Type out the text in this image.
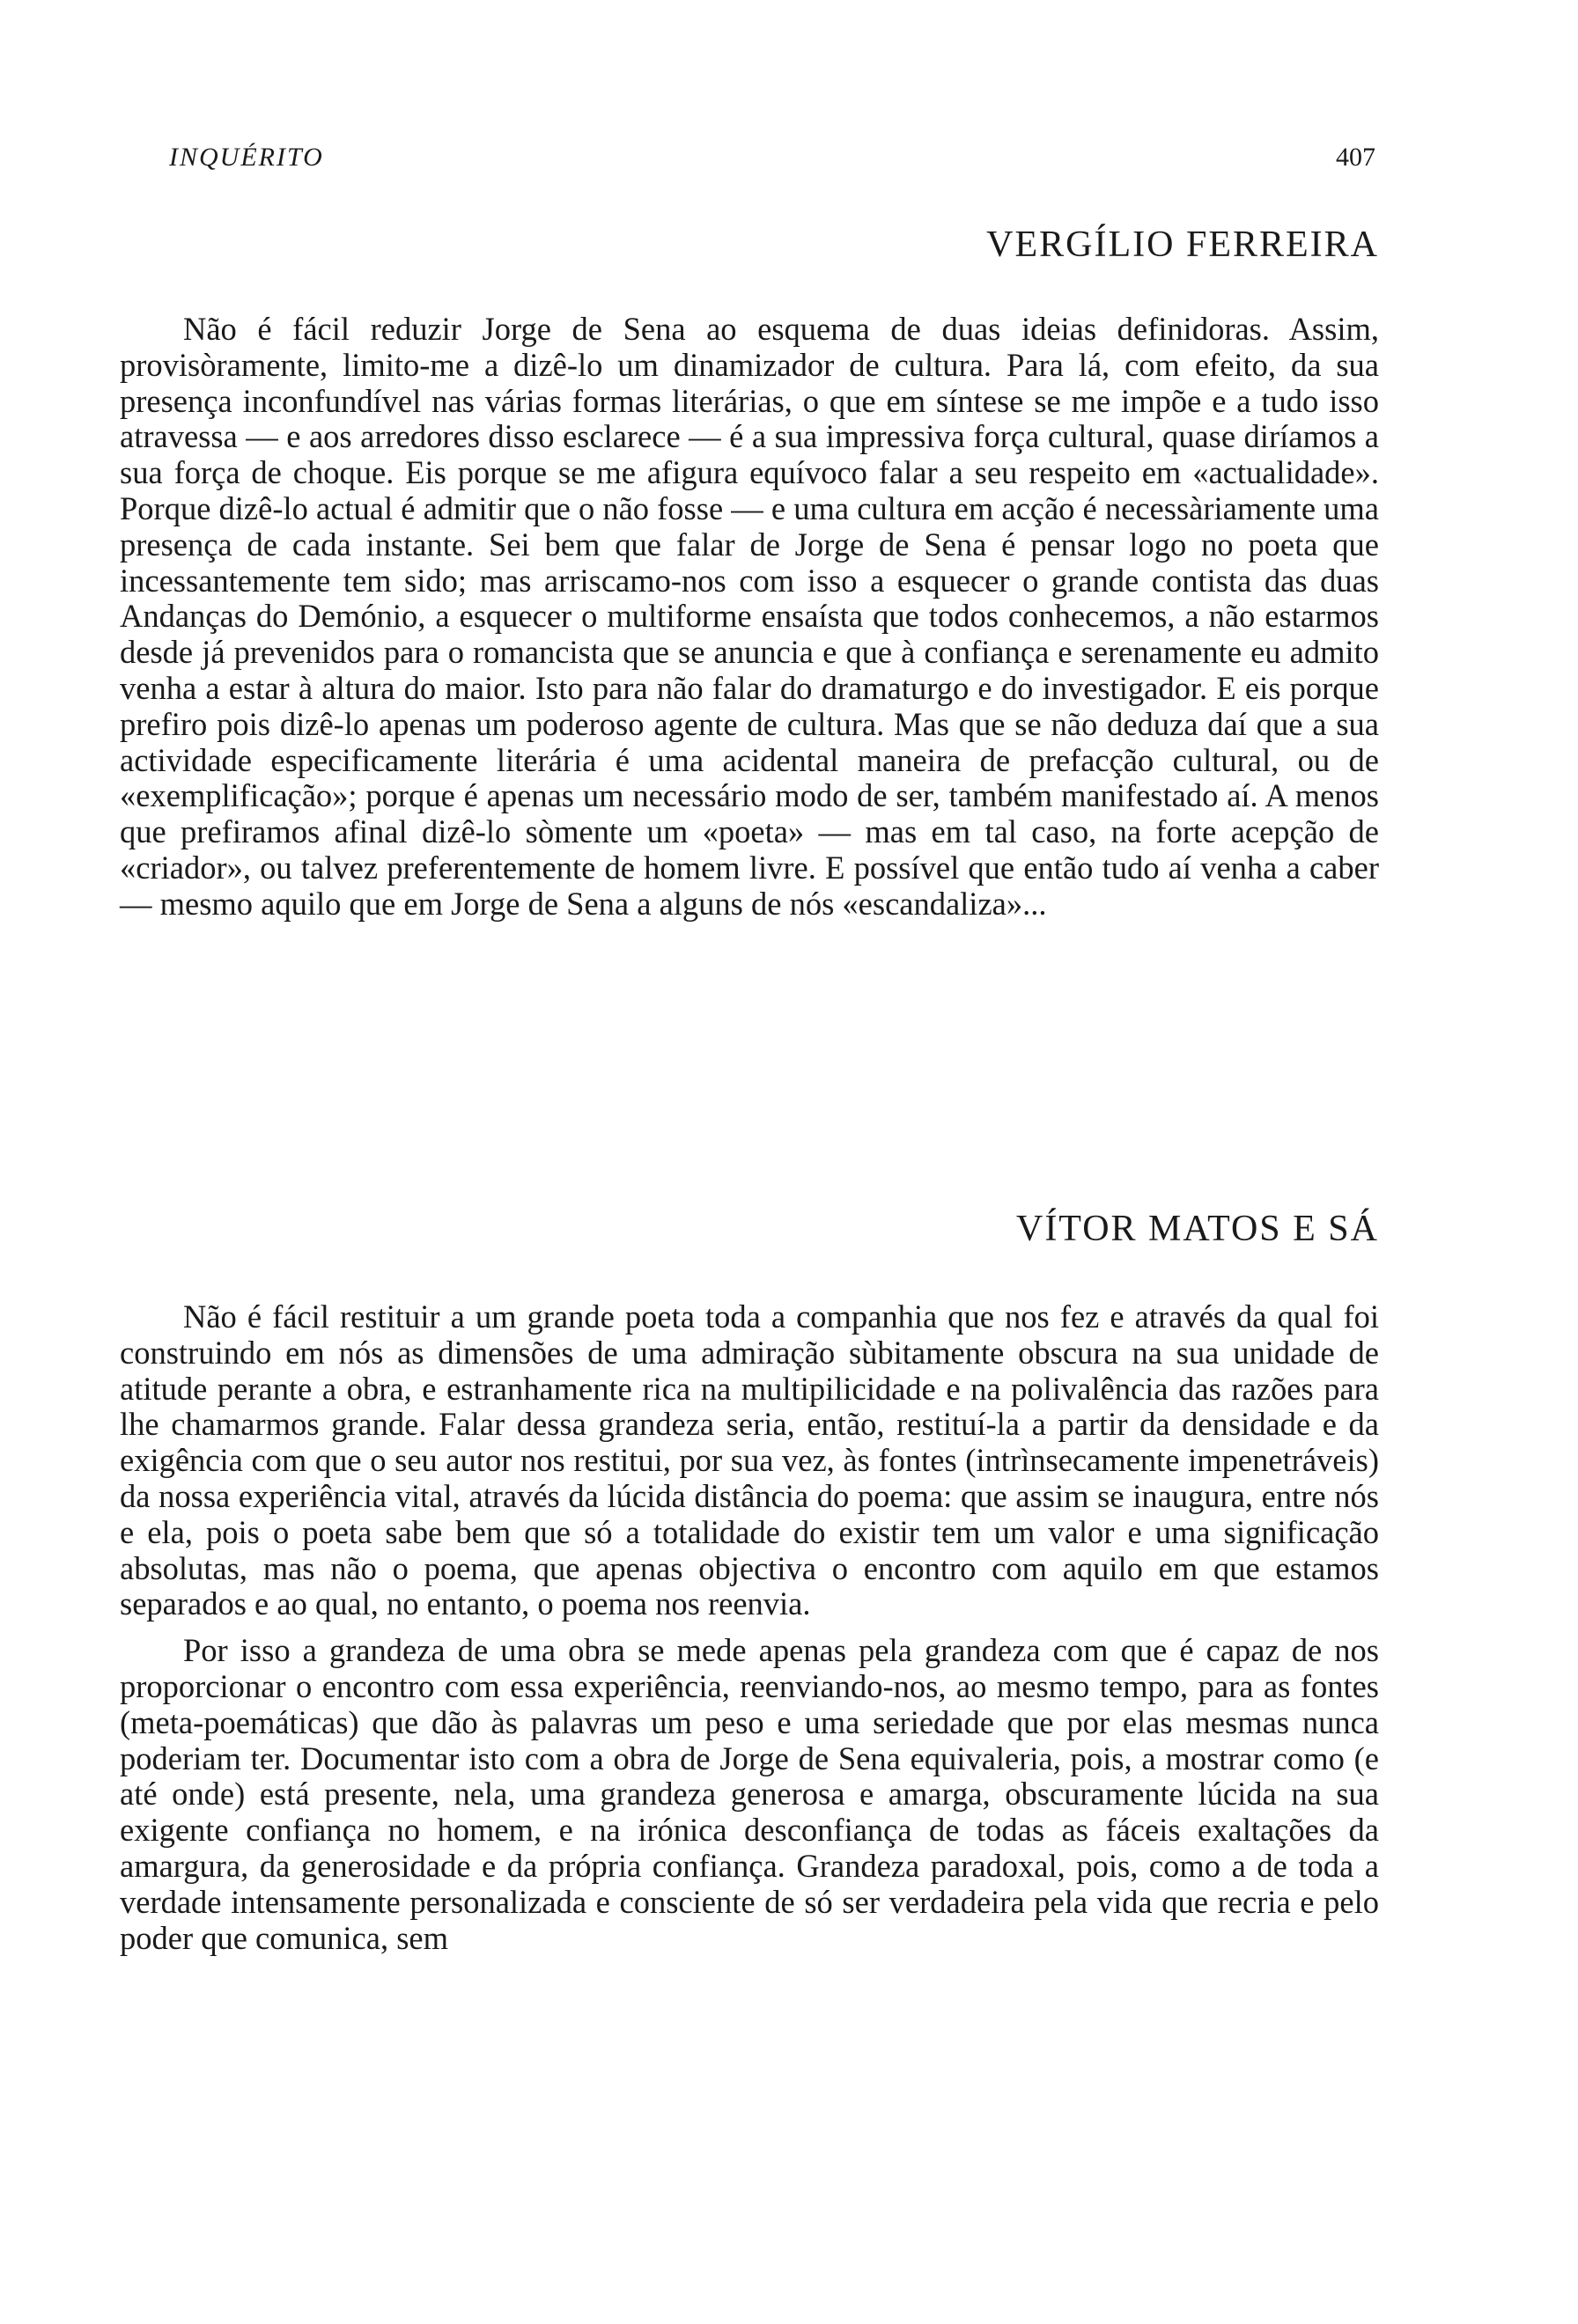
INQUÉRITO	407
VERGÍLIO FERREIRA

Não é fácil reduzir Jorge de Sena ao esquema de duas ideias definidoras. Assim, provisòramente, limito-me a dizê-lo um dinamizador de cultura. Para lá, com efeito, da sua presença inconfundível nas várias formas literárias, o que em síntese se me impõe e a tudo isso atravessa — e aos arredores disso esclarece — é a sua impressiva força cultural, quase diríamos a sua força de choque. Eis porque se me afigura equívoco falar a seu respeito em «actualidade». Porque dizê-lo actual é admitir que o não fosse — e uma cultura em acção é necessàriamente uma presença de cada instante. Sei bem que falar de Jorge de Sena é pensar logo no poeta que incessantemente tem sido; mas arriscamo-nos com isso a esquecer o grande contista das duas Andanças do Demónio, a esquecer o multiforme ensaísta que todos conhecemos, a não estarmos desde já prevenidos para o romancista que se anuncia e que à confiança e serenamente eu admito venha a estar à altura do maior. Isto para não falar do dramaturgo e do investigador. E eis porque prefiro pois dizê-lo apenas um poderoso agente de cultura. Mas que se não deduza daí que a sua actividade especificamente literária é uma acidental maneira de prefacção cultural, ou de «exemplificação»; porque é apenas um necessário modo de ser, também manifestado aí. A menos que prefiramos afinal dizê-lo sòmente um «poeta» — mas em tal caso, na forte acepção de «criador», ou talvez preferentemente de homem livre. E possível que então tudo aí venha a caber — mesmo aquilo que em Jorge de Sena a alguns de nós «escandaliza»...

VÍTOR MATOS E SÁ

Não é fácil restituir a um grande poeta toda a companhia que nos fez e através da qual foi construindo em nós as dimensões de uma admiração sùbitamente obscura na sua unidade de atitude perante a obra, e estranhamente rica na multipilicidade e na polivalência das razões para lhe chamarmos grande. Falar dessa grandeza seria, então, restituí-la a partir da densidade e da exigência com que o seu autor nos restitui, por sua vez, às fontes (intrìnsecamente impenetráveis) da nossa experiência vital, através da lúcida distância do poema: que assim se inaugura, entre nós e ela, pois o poeta sabe bem que só a totalidade do existir tem um valor e uma significação absolutas, mas não o poema, que apenas objectiva o encontro com aquilo em que estamos separados e ao qual, no entanto, o poema nos reenvia.

Por isso a grandeza de uma obra se mede apenas pela grandeza com que é capaz de nos proporcionar o encontro com essa experiência, reenviando-nos, ao mesmo tempo, para as fontes (meta-poemáticas) que dão às palavras um peso e uma seriedade que por elas mesmas nunca poderiam ter. Documentar isto com a obra de Jorge de Sena equivaleria, pois, a mostrar como (e até onde) está presente, nela, uma grandeza generosa e amarga, obscuramente lúcida na sua exigente confiança no homem, e na irónica desconfiança de todas as fáceis exaltações da amargura, da generosidade e da própria confiança. Grandeza paradoxal, pois, como a de toda a verdade intensamente personalizada e consciente de só ser verdadeira pela vida que recria e pelo poder que comunica, sem
